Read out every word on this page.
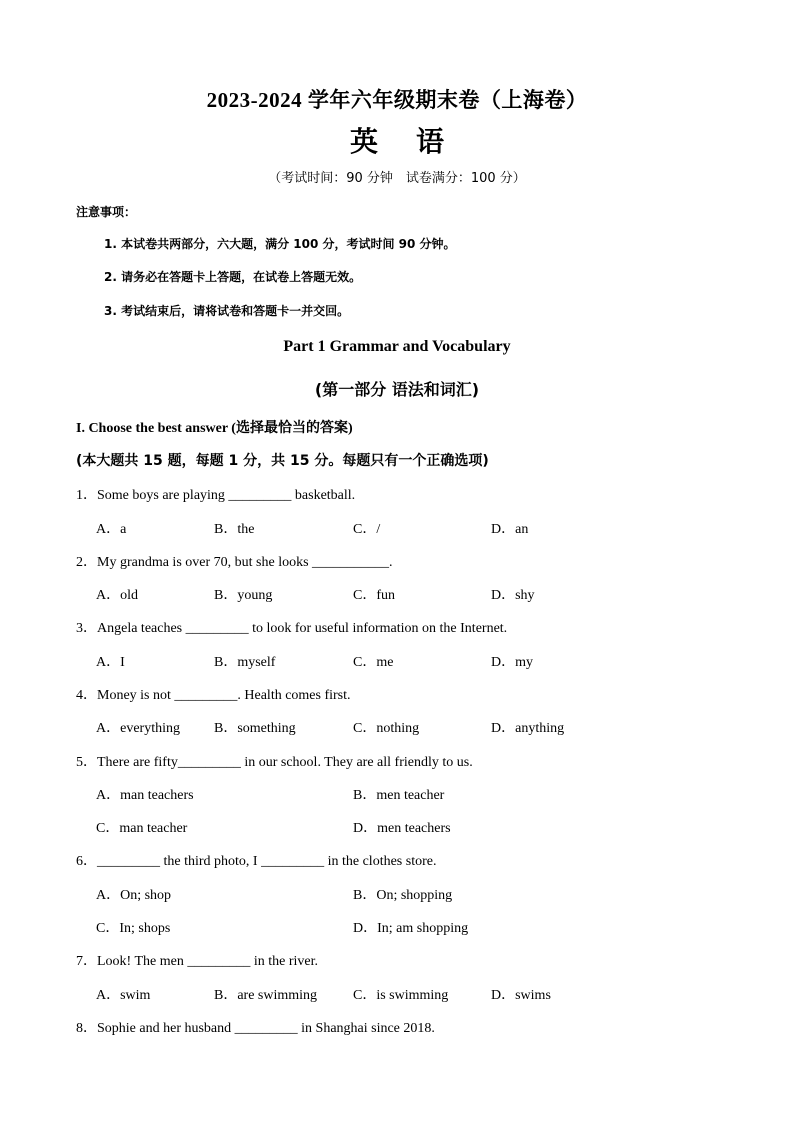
2023-2024 学年六年级期末卷（上海卷）
英 语
（考试时间：90 分钟　试卷满分：100 分）
注意事项：
1. 本试卷共两部分，六大题，满分 100 分，考试时间 90 分钟。
2. 请务必在答题卡上答题，在试卷上答题无效。
3. 考试结束后，请将试卷和答题卡一并交回。
Part 1 Grammar and Vocabulary
(第一部分 语法和词汇)
I. Choose the best answer (选择最恰当的答案)
(本大题共 15 题，每题 1 分，共 15 分。每题只有一个正确选项)
1．Some boys are playing _________ basketball.
A．a	B．the	C．/	D．an
2．My grandma is over 70, but she looks ___________.
A．old	B．young	C．fun	D．shy
3．Angela teaches _________ to look for useful information on the Internet.
A．I	B．myself	C．me	D．my
4．Money is not _________. Health comes first.
A．everything B．something	C．nothing	D．anything
5．There are fifty_________ in our school. They are all friendly to us.
A．man teachers	B．men teacher
C．man teacher	D．men teachers
6．_________ the third photo, I _________ in the clothes store.
A．On; shop	B．On; shopping
C．In; shops	D．In; am shopping
7．Look! The men _________ in the river.
A．swim	B．are swimming	C．is swimming	D．swims
8．Sophie and her husband _________ in Shanghai since 2018.
